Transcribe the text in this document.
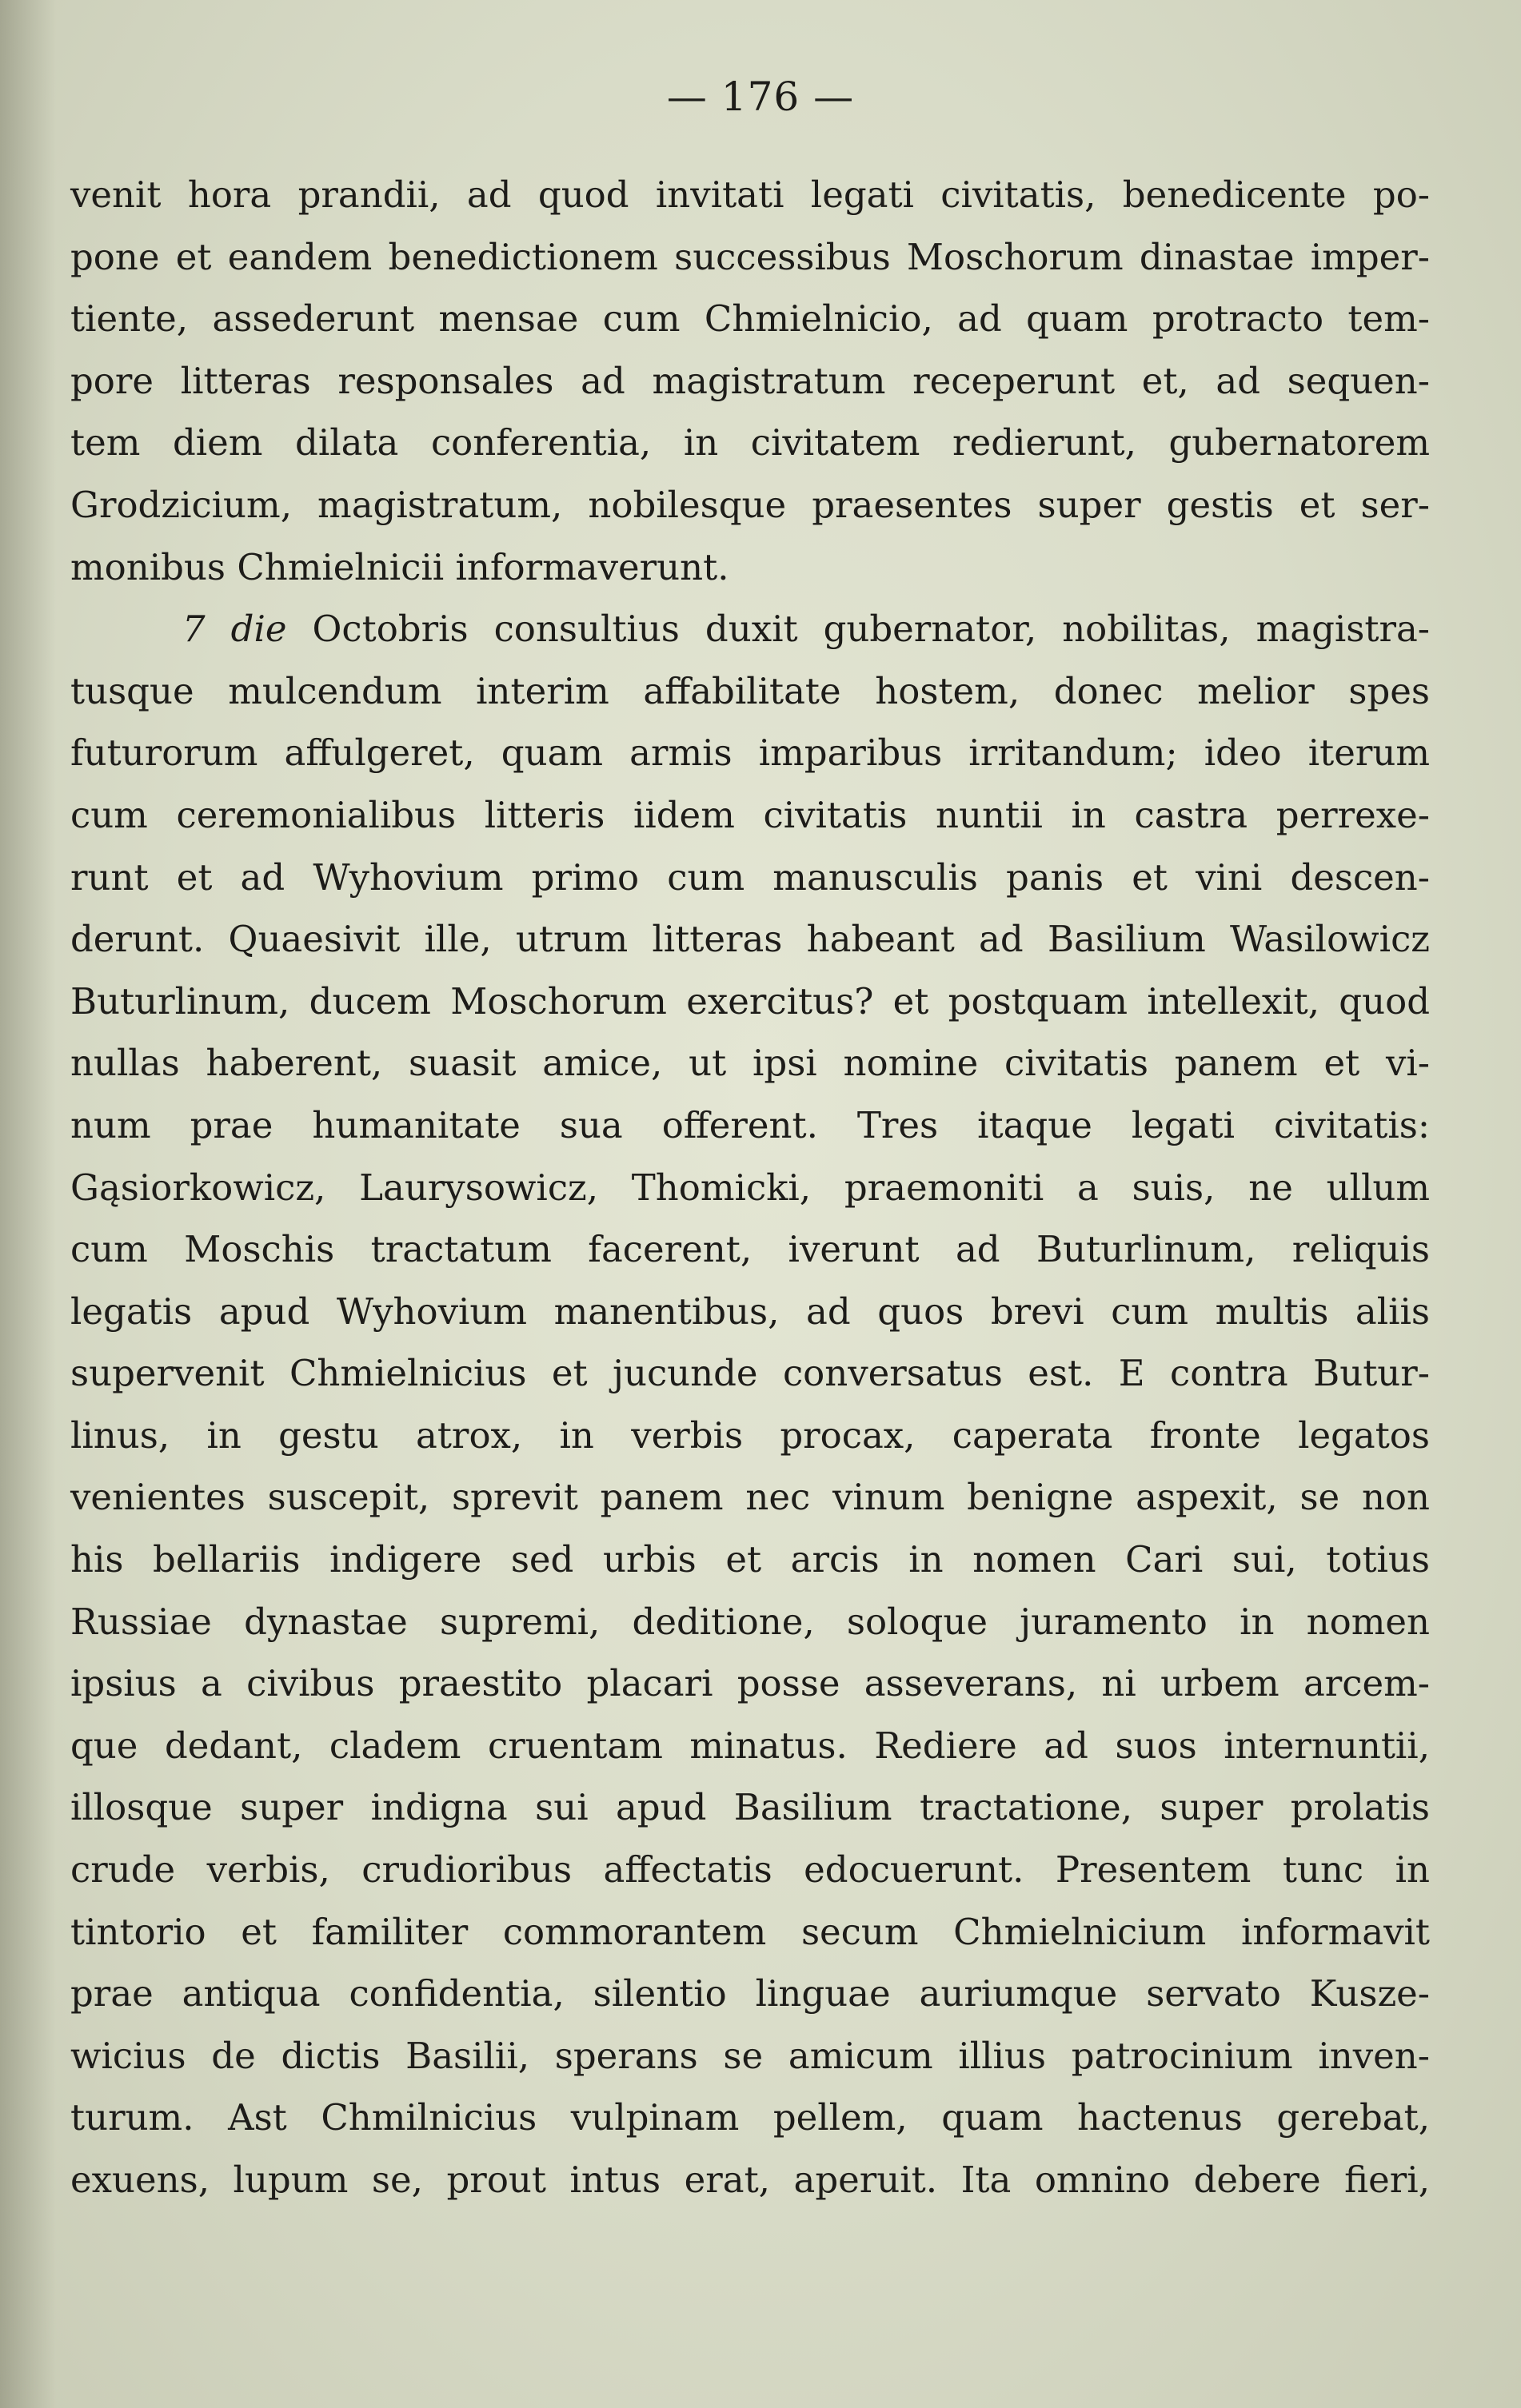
— 176 —
venit hora prandii, ad quod invitati legati civitatis, benedicente po-
pone et eandem benedictionem successibus Moschorum dinastae imper-
tiente, assederunt mensae cum Chmielnicio, ad quam protracto tem-
pore litteras responsales ad magistratum receperunt et, ad sequen-
tem diem dilata conferentia, in civitatem redierunt, gubernatorem
Grodzicium, magistratum, nobilesque praesentes super gestis et ser-
monibus Chmielnicii informaverunt.
7 die Octobris consultius duxit gubernator, nobilitas, magistra-
tusque mulcendum interim affabilitate hostem, donec melior spes
futurorum affulgeret, quam armis imparibus irritandum; ideo iterum
cum ceremonialibus litteris iidem civitatis nuntii in castra perrexe-
runt et ad Wyhovium primo cum manusculis panis et vini descen-
derunt. Quaesivit ille, utrum litteras habeant ad Basilium Wasilowicz
Buturlinum, ducem Moschorum exercitus? et postquam intellexit, quod
nullas haberent, suasit amice, ut ipsi nomine civitatis panem et vi-
num prae humanitate sua offerent. Tres itaque legati civitatis:
Gąsiorkowicz, Laurysowicz, Thomicki, praemoniti a suis, ne ullum
cum Moschis tractatum facerent, iverunt ad Buturlinum, reliquis
legatis apud Wyhovium manentibus, ad quos brevi cum multis aliis
supervenit Chmielnicius et jucunde conversatus est. E contra Butur-
linus, in gestu atrox, in verbis procax, caperata fronte legatos
venientes suscepit, sprevit panem nec vinum benigne aspexit, se non
his bellariis indigere sed urbis et arcis in nomen Cari sui, totius
Russiae dynastae supremi, deditione, soloque juramento in nomen
ipsius a civibus praestito placari posse asseverans, ni urbem arcem-
que dedant, cladem cruentam minatus. Rediere ad suos internuntii,
illosque super indigna sui apud Basilium tractatione, super prolatis
crude verbis, crudioribus affectatis edocuerunt. Presentem tunc in
tintorio et familiter commorantem secum Chmielnicium informavit
prae antiqua confidentia, silentio linguae auriumque servato Kusze-
wicius de dictis Basilii, sperans se amicum illius patrocinium inven-
turum. Ast Chmilnicius vulpinam pellem, quam hactenus gerebat,
exuens, lupum se, prout intus erat, aperuit. Ita omnino debere fieri,
